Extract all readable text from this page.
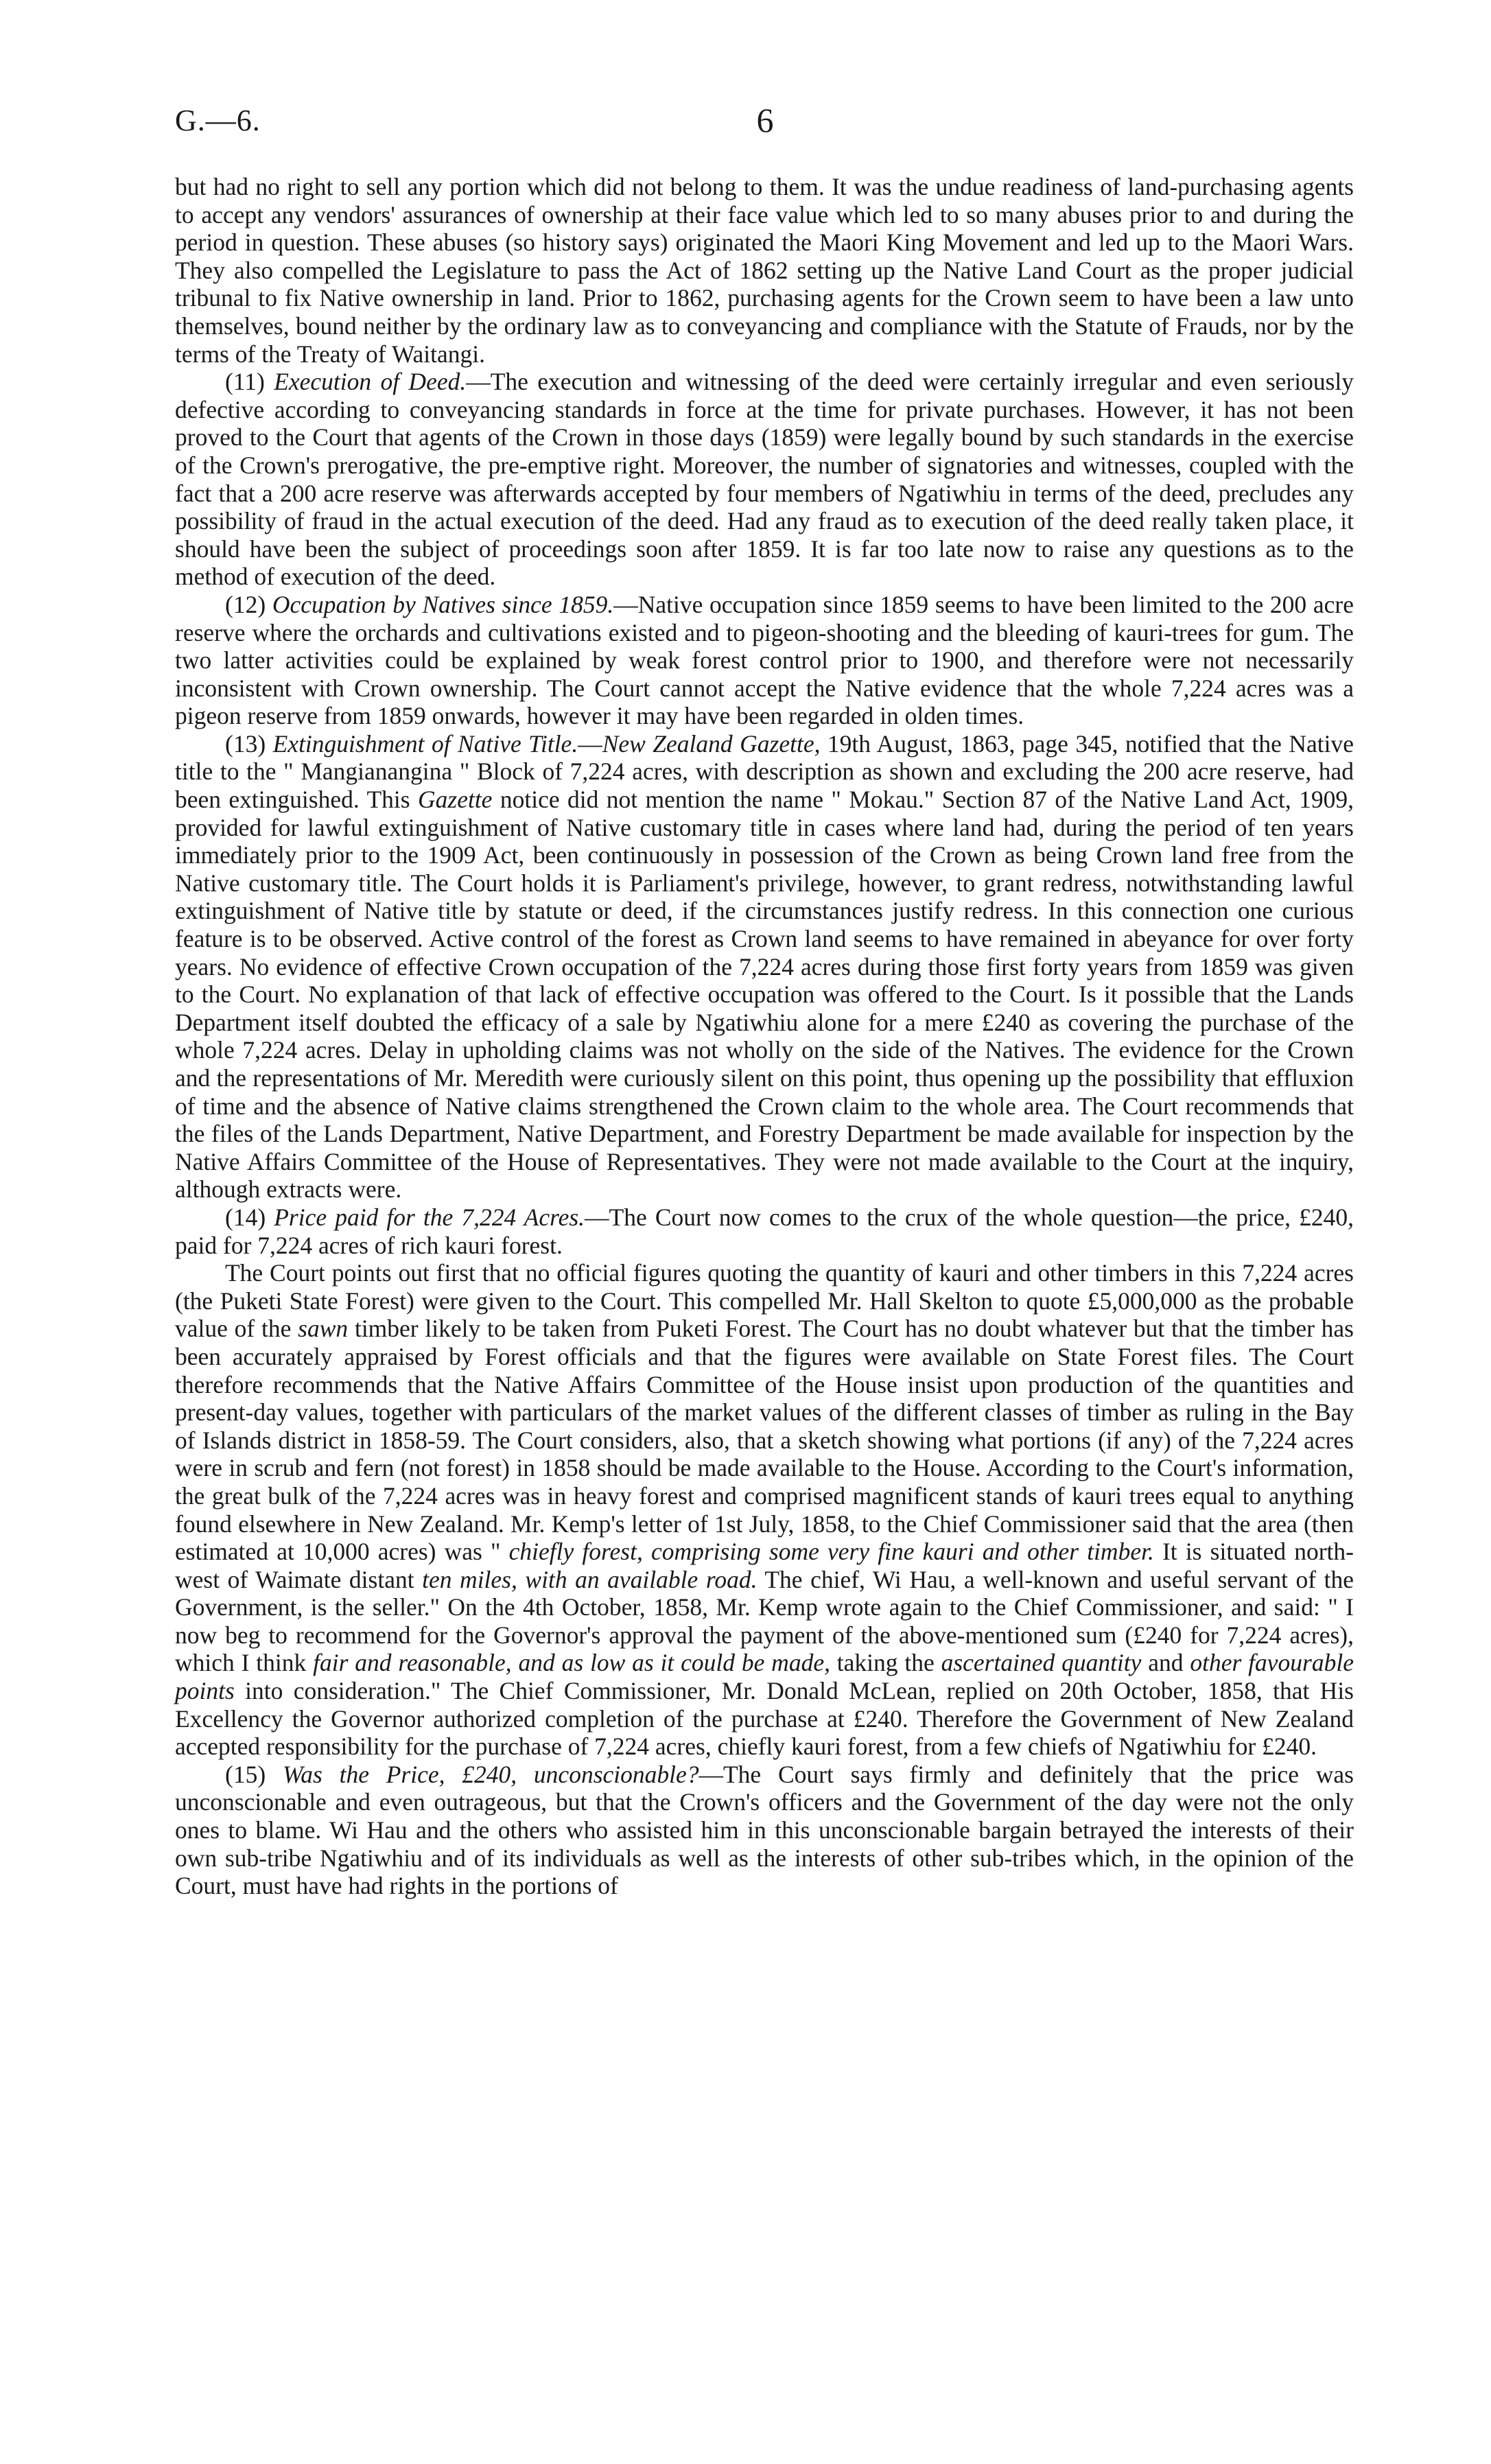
G.—6.	6

but had no right to sell any portion which did not belong to them. It was the undue readiness of land-purchasing agents to accept any vendors' assurances of ownership at their face value which led to so many abuses prior to and during the period in question. These abuses (so history says) originated the Maori King Movement and led up to the Maori Wars. They also compelled the Legislature to pass the Act of 1862 setting up the Native Land Court as the proper judicial tribunal to fix Native ownership in land. Prior to 1862, purchasing agents for the Crown seem to have been a law unto themselves, bound neither by the ordinary law as to conveyancing and compliance with the Statute of Frauds, nor by the terms of the Treaty of Waitangi.

(11) Execution of Deed.—The execution and witnessing of the deed were certainly irregular and even seriously defective according to conveyancing standards in force at the time for private purchases. However, it has not been proved to the Court that agents of the Crown in those days (1859) were legally bound by such standards in the exercise of the Crown's prerogative, the pre-emptive right. Moreover, the number of signatories and witnesses, coupled with the fact that a 200 acre reserve was afterwards accepted by four members of Ngatiwhiu in terms of the deed, precludes any possibility of fraud in the actual execution of the deed. Had any fraud as to execution of the deed really taken place, it should have been the subject of proceedings soon after 1859. It is far too late now to raise any questions as to the method of execution of the deed.

(12) Occupation by Natives since 1859.—Native occupation since 1859 seems to have been limited to the 200 acre reserve where the orchards and cultivations existed and to pigeon-shooting and the bleeding of kauri-trees for gum. The two latter activities could be explained by weak forest control prior to 1900, and therefore were not necessarily inconsistent with Crown ownership. The Court cannot accept the Native evidence that the whole 7,224 acres was a pigeon reserve from 1859 onwards, however it may have been regarded in olden times.

(13) Extinguishment of Native Title.—New Zealand Gazette, 19th August, 1863, page 345, notified that the Native title to the " Mangianangina " Block of 7,224 acres, with description as shown and excluding the 200 acre reserve, had been extinguished. This Gazette notice did not mention the name " Mokau." Section 87 of the Native Land Act, 1909, provided for lawful extinguishment of Native customary title in cases where land had, during the period of ten years immediately prior to the 1909 Act, been continuously in possession of the Crown as being Crown land free from the Native customary title. The Court holds it is Parliament's privilege, however, to grant redress, notwithstanding lawful extinguishment of Native title by statute or deed, if the circumstances justify redress. In this connection one curious feature is to be observed. Active control of the forest as Crown land seems to have remained in abeyance for over forty years. No evidence of effective Crown occupation of the 7,224 acres during those first forty years from 1859 was given to the Court. No explanation of that lack of effective occupation was offered to the Court. Is it possible that the Lands Department itself doubted the efficacy of a sale by Ngatiwhiu alone for a mere £240 as covering the purchase of the whole 7,224 acres. Delay in upholding claims was not wholly on the side of the Natives. The evidence for the Crown and the representations of Mr. Meredith were curiously silent on this point, thus opening up the possibility that effluxion of time and the absence of Native claims strengthened the Crown claim to the whole area. The Court recommends that the files of the Lands Department, Native Department, and Forestry Department be made available for inspection by the Native Affairs Committee of the House of Representatives. They were not made available to the Court at the inquiry, although extracts were.

(14) Price paid for the 7,224 Acres.—The Court now comes to the crux of the whole question—the price, £240, paid for 7,224 acres of rich kauri forest.

The Court points out first that no official figures quoting the quantity of kauri and other timbers in this 7,224 acres (the Puketi State Forest) were given to the Court. This compelled Mr. Hall Skelton to quote £5,000,000 as the probable value of the sawn timber likely to be taken from Puketi Forest. The Court has no doubt whatever but that the timber has been accurately appraised by Forest officials and that the figures were available on State Forest files. The Court therefore recommends that the Native Affairs Committee of the House insist upon production of the quantities and present-day values, together with particulars of the market values of the different classes of timber as ruling in the Bay of Islands district in 1858-59. The Court considers, also, that a sketch showing what portions (if any) of the 7,224 acres were in scrub and fern (not forest) in 1858 should be made available to the House. According to the Court's information, the great bulk of the 7,224 acres was in heavy forest and comprised magnificent stands of kauri trees equal to anything found elsewhere in New Zealand. Mr. Kemp's letter of 1st July, 1858, to the Chief Commissioner said that the area (then estimated at 10,000 acres) was " chiefly forest, comprising some very fine kauri and other timber. It is situated north-west of Waimate distant ten miles, with an available road. The chief, Wi Hau, a well-known and useful servant of the Government, is the seller." On the 4th October, 1858, Mr. Kemp wrote again to the Chief Commissioner, and said: " I now beg to recommend for the Governor's approval the payment of the above-mentioned sum (£240 for 7,224 acres), which I think fair and reasonable, and as low as it could be made, taking the ascertained quantity and other favourable points into consideration." The Chief Commissioner, Mr. Donald McLean, replied on 20th October, 1858, that His Excellency the Governor authorized completion of the purchase at £240. Therefore the Government of New Zealand accepted responsibility for the purchase of 7,224 acres, chiefly kauri forest, from a few chiefs of Ngatiwhiu for £240.

(15) Was the Price, £240, unconscionable?—The Court says firmly and definitely that the price was unconscionable and even outrageous, but that the Crown's officers and the Government of the day were not the only ones to blame. Wi Hau and the others who assisted him in this unconscionable bargain betrayed the interests of their own sub-tribe Ngatiwhiu and of its individuals as well as the interests of other sub-tribes which, in the opinion of the Court, must have had rights in the portions of
